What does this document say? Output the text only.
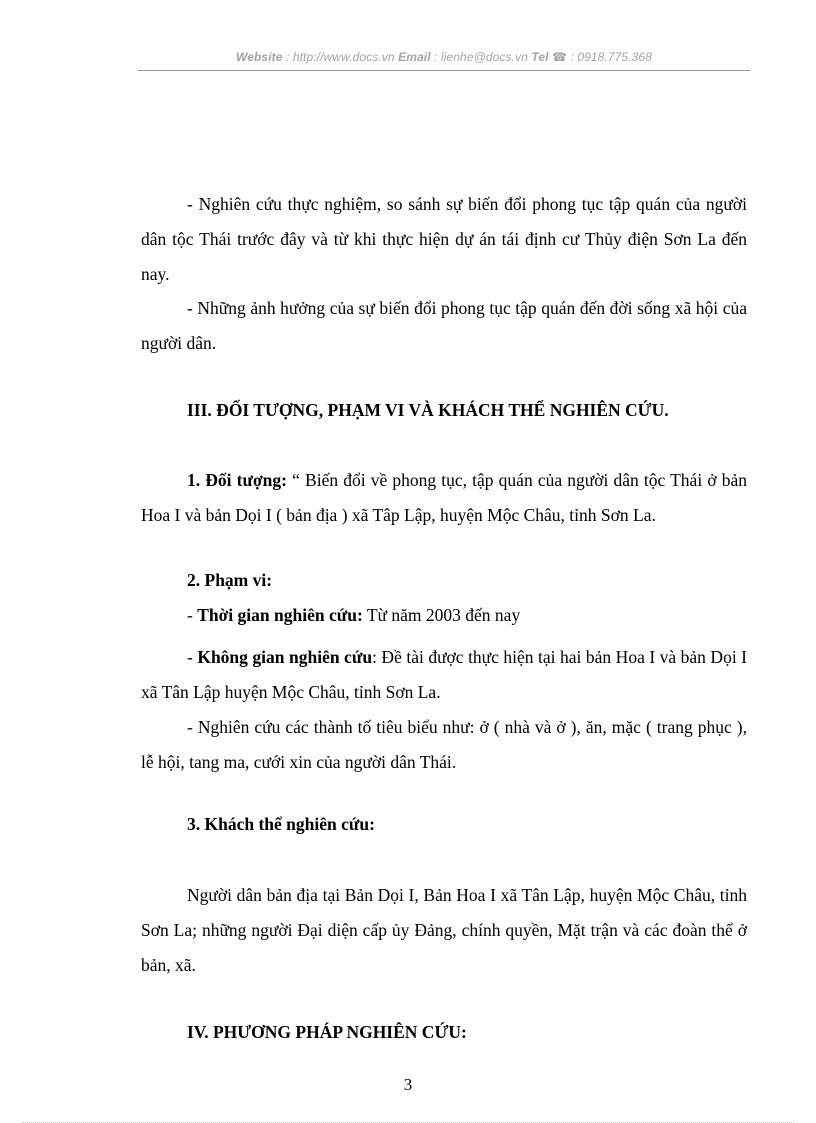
Website : http://www.docs.vn Email : lienhe@docs.vn Tel ☎ : 0918.775.368
- Nghiên cứu thực nghiệm, so sánh sự biến đổi phong tục tập quán của người dân tộc Thái trước đây và từ khi thực hiện dự án tái định cư Thủy điện Sơn La đến nay.
- Những ảnh hưởng của sự biến đổi phong tục tập quán đến đời sống xã hội của người dân.
III. ĐỐI TƯỢNG, PHẠM VI VÀ KHÁCH THỂ NGHIÊN CỨU.
1. Đối tượng: “ Biến đổi về phong tục, tập quán của người dân tộc Thái ở bản Hoa I và bản Dọi I ( bản địa ) xã Tâp Lập, huyện Mộc Châu, tỉnh Sơn La.
2. Phạm vi:
- Thời gian nghiên cứu: Từ năm 2003 đến nay
- Không gian nghiên cứu: Đề tài được thực hiện tại hai bản Hoa I và bản Dọi I xã Tân Lập huyện Mộc Châu, tỉnh Sơn La.
- Nghiên cứu các thành tố tiêu biểu như: ở ( nhà và ở ), ăn, mặc ( trang phục ), lễ hội, tang ma, cưới xin của người dân Thái.
3. Khách thể nghiên cứu:
Người dân bản địa tại Bản Dọi I, Bản Hoa I xã Tân Lập, huyện Mộc Châu, tỉnh Sơn La; những người Đại diện cấp ủy Đảng, chính quyền, Mặt trận và các đoàn thể ở bản, xã.
IV. PHƯƠNG PHÁP NGHIÊN CỨU:
3
